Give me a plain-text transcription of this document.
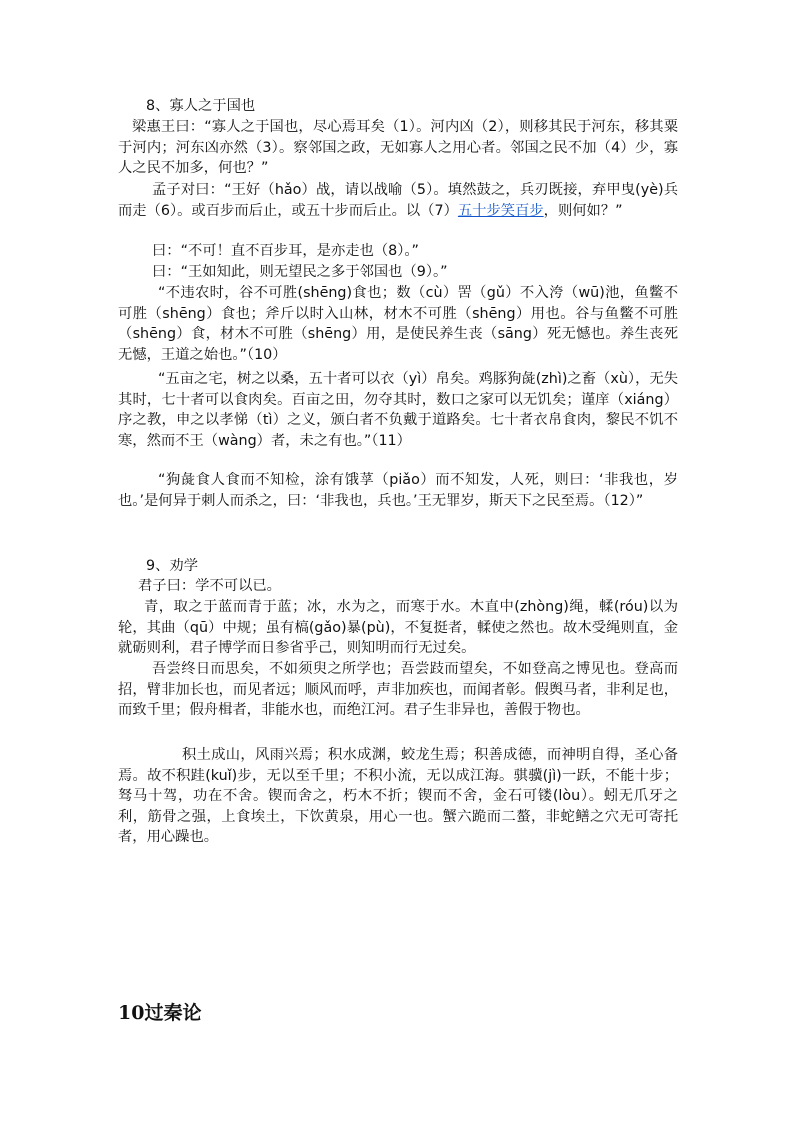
8、寡人之于国也

梁惠王曰：“寡人之于国也，尽心焉耳矣（1）。河内凶（2），则移其民于河东，移其粟于河内；河东凶亦然（3）。察邻国之政，无如寡人之用心者。邻国之民不加（4）少，寡人之民不加多，何也？”

孟子对曰：“王好（hǎo）战，请以战喻（5）。填然鼓之，兵刃既接，弃甲曳(yè)兵而走（6）。或百步而后止，或五十步而后止。以（7）五十步笑百步，则何如？”

曰：“不可！直不百步耳，是亦走也（8）。”

曰：“王如知此，则无望民之多于邻国也（9）。”

“不违农时，谷不可胜(shēng)食也；数（cù）罟（gǔ）不入洿（wū)池，鱼鳖不可胜（shēng）食也；斧斤以时入山林，材木不可胜（shēng）用也。谷与鱼鳖不可胜（shēng）食，材木不可胜（shēng）用，是使民养生丧（sāng）死无憾也。养生丧死无憾，王道之始也。”（10）

“五亩之宅，树之以桑，五十者可以衣（yì）帛矣。鸡豚狗彘(zhì)之畜（xù），无失其时，七十者可以食肉矣。百亩之田，勿夺其时，数口之家可以无饥矣；谨庠（xiáng）序之教，申之以孝悌（tì）之义，颁白者不负戴于道路矣。七十者衣帛食肉，黎民不饥不寒，然而不王（wàng）者，未之有也。”（11）

“狗彘食人食而不知检，涂有饿莩（piǎo）而不知发，人死，则曰：‘非我也，岁也。’是何异于刺人而杀之，曰：‘非我也，兵也。’王无罪岁，斯天下之民至焉。（12）”

9、劝学

君子曰：学不可以已。

青，取之于蓝而青于蓝；冰，水为之，而寒于水。木直中(zhòng)绳，輮(róu)以为轮，其曲（qū）中规；虽有槁(gǎo)暴(pù)，不复挺者，輮使之然也。故木受绳则直，金就砺则利，君子博学而日参省乎己，则知明而行无过矣。

吾尝终日而思矣，不如须臾之所学也；吾尝跂而望矣，不如登高之博见也。登高而招，臂非加长也，而见者远；顺风而呼，声非加疾也，而闻者彰。假舆马者，非利足也，而致千里；假舟楫者，非能水也，而绝江河。君子生非异也，善假于物也。

积土成山，风雨兴焉；积水成渊，蛟龙生焉；积善成德，而神明自得，圣心备焉。故不积跬(kuǐ)步，无以至千里；不积小流，无以成江海。骐骥(jì)一跃，不能十步；驽马十驾，功在不舍。锲而舍之，朽木不折；锲而不舍，金石可镂(lòu）。蚓无爪牙之利，筋骨之强，上食埃土，下饮黄泉，用心一也。蟹六跪而二螯，非蛇鳝之穴无可寄托者，用心躁也。

10过秦论
